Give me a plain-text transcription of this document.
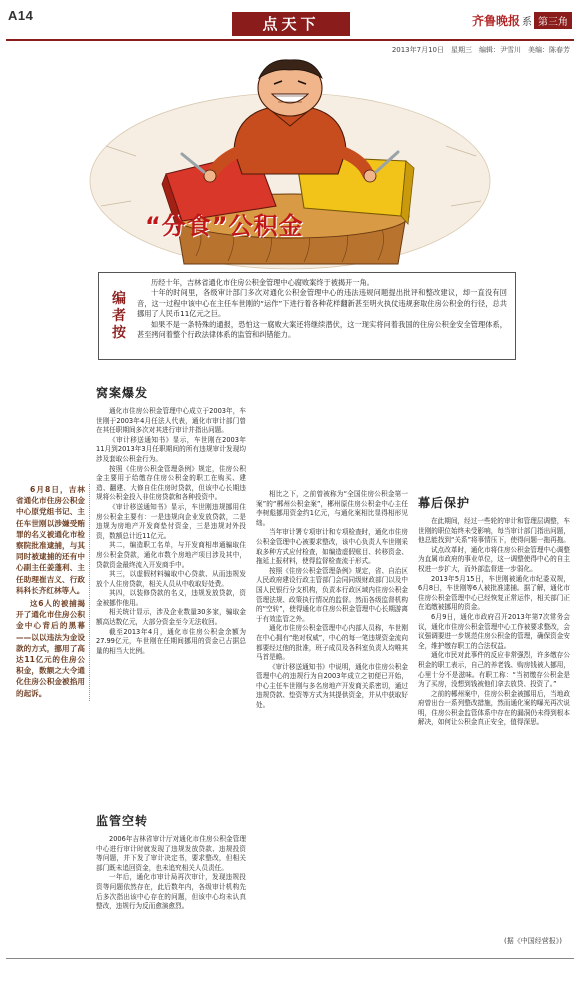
A14	点天下	齐鲁晚报 系 第三角
2013年7月10日　星期三　编辑：尹雪川　美编：陈春芳
“分食”公积金
编者按

历经十年，吉林省通化市住房公积金管理中心腐败案终于被揭开一角。

十年的时间里，各级审计部门多次对通化公积金管理中心的违法违规问题提出批评和整改建议，却一直没有回音，这一过程中该中心在主任车世刚的“运作”下进行着各种花样翻新甚至明火执仗违规套取住房公积金的行径，总共挪用了人民币11亿元之巨。

如果不是一条特殊的通报，恐怕这一腐败大案还将继续潜伏，这一现实将问着我国的住房公积金安全管理体系，甚至拷问着整个行政法律体系的监管和纠错能力。

6月8日，吉林省通化市住房公积金中心原党组书记、主任车世刚以涉嫌受贿罪的名义被通化市检察院批准逮捕，与其同时被逮捕的还有中心副主任姜蓬利、主任助理崔吉义、行政科科长齐红林等人。

这6人的被捕揭开了通化市住房公积金中心背后的黑幕——以以违法为金设款的方式，挪用了高达11亿元的住房公积金，数额之大令通化住房公积金被掐用的起诉。

窝案爆发

通化市住房公积金管理中心成立于2003年，车世刚于2003年4月任法人代表，通化市审计部门曾在其任职期间多次对其进行审计并指出问题。

《审计移送通知书》显示，车世刚在2003年11月到2013年3月任职期间的所有违规审计发现均涉及套取公积金行为。

按照《住房公积金管理条例》规定，住房公积金主要用于给缴存住房公积金的职工在购买、建造、翻建、大修自住住房时贷款，但该中心长期违规将公积金投入非住房贷款和各种投资中。

《审计移送通知书》显示，车世刚违规挪用住房公积金主要有：一是违规向企业发放贷款，二是违规为房地产开发商垫付资金，三是违规对外投资，数额总计近11亿元。

其二，编造职工名单，与开发商相串通骗取住房公积金贷款，通化市数个房地产项目涉及其中，贷款资金最终流入开发商手中。

其三，以虚假材料骗取中心贷款、从而违规发放个人住房贷款，相关人员从中收取好处费。

其四，以装修贷款的名义，违规发放贷款，资金被挪作他用。

相关统计显示，涉及企业数量30多家，骗取金额高达数亿元，大部分资金至今无法收回。

截至2013年4月，通化市住房公积金余额为27.99亿元，车世刚在任期间挪用的资金已占据总量的相当大比例。

监管空转

2006年吉林省审计厅对通化市住房公积金管理中心进行审计时就发现了违规发放贷款、违规投资等问题，并下发了审计决定书，要求整改，但相关部门既未追回资金，也未追究相关人员责任。

一年后，通化市审计局再次审计，发现违规投资等问题依然存在，此后数年内，各级审计机构先后多次指出该中心存在的问题，但该中心均未认真整改，违规行为反而愈演愈烈。

相比之下，之前曾被称为“全国住房公积金第一案”的“郴州公积金案”，郴州原住房公积金中心主任李树彪挪用资金约1亿元，与通化案相比显得相形见绌。

当年审计署专项审计和专项检查时，通化市住房公积金管理中心被要求整改，该中心负责人车世刚采取多种方式应付检查，如编造虚假账目、转移资金、拖延上报材料，使得监督检查流于形式。

按照《住房公积金管理条例》规定，省、自治区人民政府建设行政主管部门会同同级财政部门以及中国人民银行分支机构，负责本行政区域内住房公积金管理法规、政策执行情况的监督。然而各级监督机构的“空转”，使得通化市住房公积金管理中心长期游离于有效监管之外。

通化市住房公积金管理中心内部人员称，车世刚在中心拥有“绝对权威”，中心的每一笔违规资金流向都要经过他的批准，班子成员及各科室负责人均唯其马首是瞻。

《审计移送通知书》中说明，通化市住房公积金管理中心的违规行为自2003年成立之初便已开始，中心主任车世刚与多名房地产开发商关系密切，通过违规贷款、垫资等方式为其提供资金，并从中获取好处。

幕后保护

在此期间，经过一些轮的审计和管理层调整，车世刚的职位始终未受影响，每当审计部门指出问题，他总能找到“关系”将事情压下，使得问题一拖再拖。

试点改革时，通化市将住房公积金管理中心调整为直属市政府的事业单位，这一调整使得中心的自主权进一步扩大，而外部监督进一步弱化。

2013年5月15日，车世刚被通化市纪委双规，6月8日，车世刚等6人被批准逮捕。据了解，通化市住房公积金管理中心已经恢复正常运作，相关部门正在追缴被挪用的资金。

6月9日，通化市政府召开2013年第7次常务会议，通化市住房公积金管理中心工作被要求整改，会议强调要进一步规范住房公积金的管理，确保资金安全，维护缴存职工的合法权益。

通化市民对此事件的反应非常强烈，许多缴存公积金的职工表示，自己的养老钱、购房钱被人挪用，心里十分不是滋味。有职工称：“当初缴存公积金是为了买房，没想到钱被他们拿去放贷、投资了。”

之前的郴州案中，住房公积金被挪用后，当地政府曾出台一系列整改措施，然而通化案的曝光再次说明，住房公积金监管体系中存在的漏洞仍未得到根本解决，如何让公积金真正安全，值得深思。

(据《中国经营报》)
